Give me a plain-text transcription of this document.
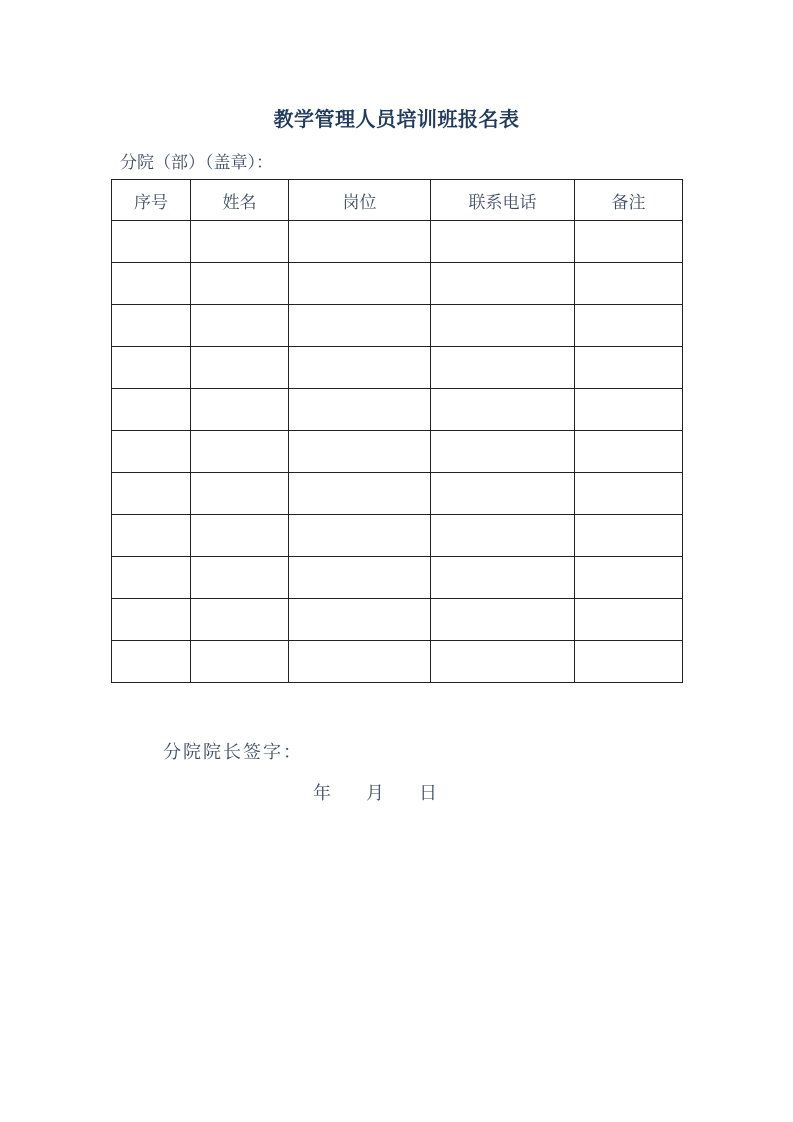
教学管理人员培训班报名表
分院（部）（盖章）：
序号	姓名	岗位	联系电话	备注

分院院长签字：
年 月 日
